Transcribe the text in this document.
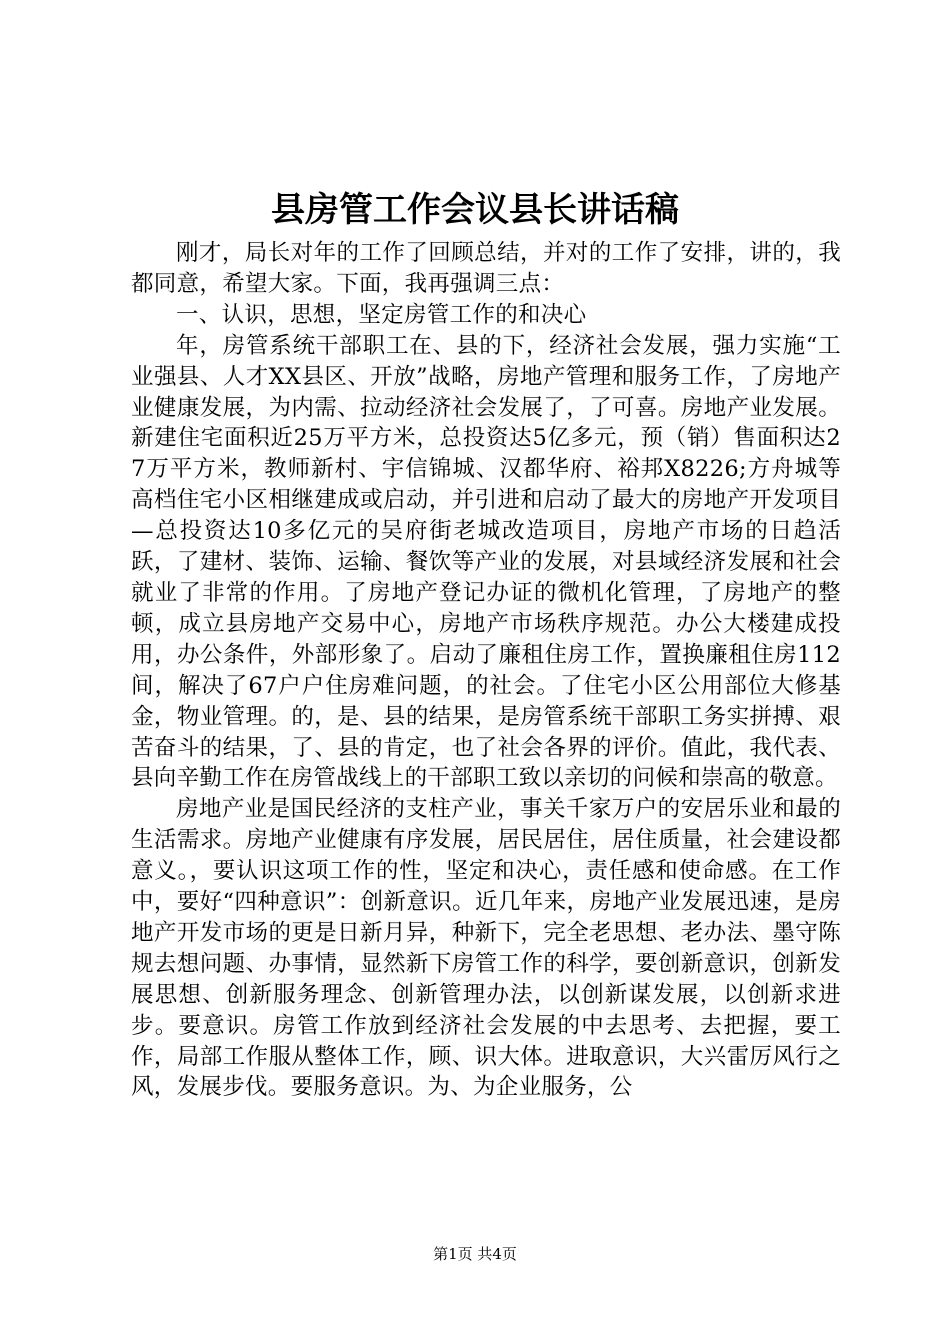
县房管工作会议县长讲话稿

刚才，局长对年的工作了回顾总结，并对的工作了安排，讲的，我都同意，希望大家。下面，我再强调三点：

一、认识，思想，坚定房管工作的和决心

年，房管系统干部职工在、县的下，经济社会发展，强力实施“工业强县、人才XX县区、开放”战略，房地产管理和服务工作，了房地产业健康发展，为内需、拉动经济社会发展了，了可喜。房地产业发展。新建住宅面积近25万平方米，总投资达5亿多元，预（销）售面积达27万平方米，教师新村、宇信锦城、汉都华府、裕邦X8226;方舟城等高档住宅小区相继建成或启动，并引进和启动了最大的房地产开发项目—总投资达10多亿元的吴府街老城改造项目，房地产市场的日趋活跃，了建材、装饰、运输、餐饮等产业的发展，对县域经济发展和社会就业了非常的作用。了房地产登记办证的微机化管理，了房地产的整顿，成立县房地产交易中心，房地产市场秩序规范。办公大楼建成投用，办公条件，外部形象了。启动了廉租住房工作，置换廉租住房112间，解决了67户户住房难问题，的社会。了住宅小区公用部位大修基金，物业管理。的，是、县的结果，是房管系统干部职工务实拼搏、艰苦奋斗的结果，了、县的肯定，也了社会各界的评价。值此，我代表、县向辛勤工作在房管战线上的干部职工致以亲切的问候和崇高的敬意。

房地产业是国民经济的支柱产业，事关千家万户的安居乐业和最的生活需求。房地产业健康有序发展，居民居住，居住质量，社会建设都意义。，要认识这项工作的性，坚定和决心，责任感和使命感。在工作中，要好“四种意识”：创新意识。近几年来，房地产业发展迅速，是房地产开发市场的更是日新月异，种新下，完全老思想、老办法、墨守陈规去想问题、办事情，显然新下房管工作的科学，要创新意识，创新发展思想、创新服务理念、创新管理办法，以创新谋发展，以创新求进步。要意识。房管工作放到经济社会发展的中去思考、去把握，要工作，局部工作服从整体工作，顾、识大体。进取意识，大兴雷厉风行之风，发展步伐。要服务意识。为、为企业服务，公

第1页 共4页
